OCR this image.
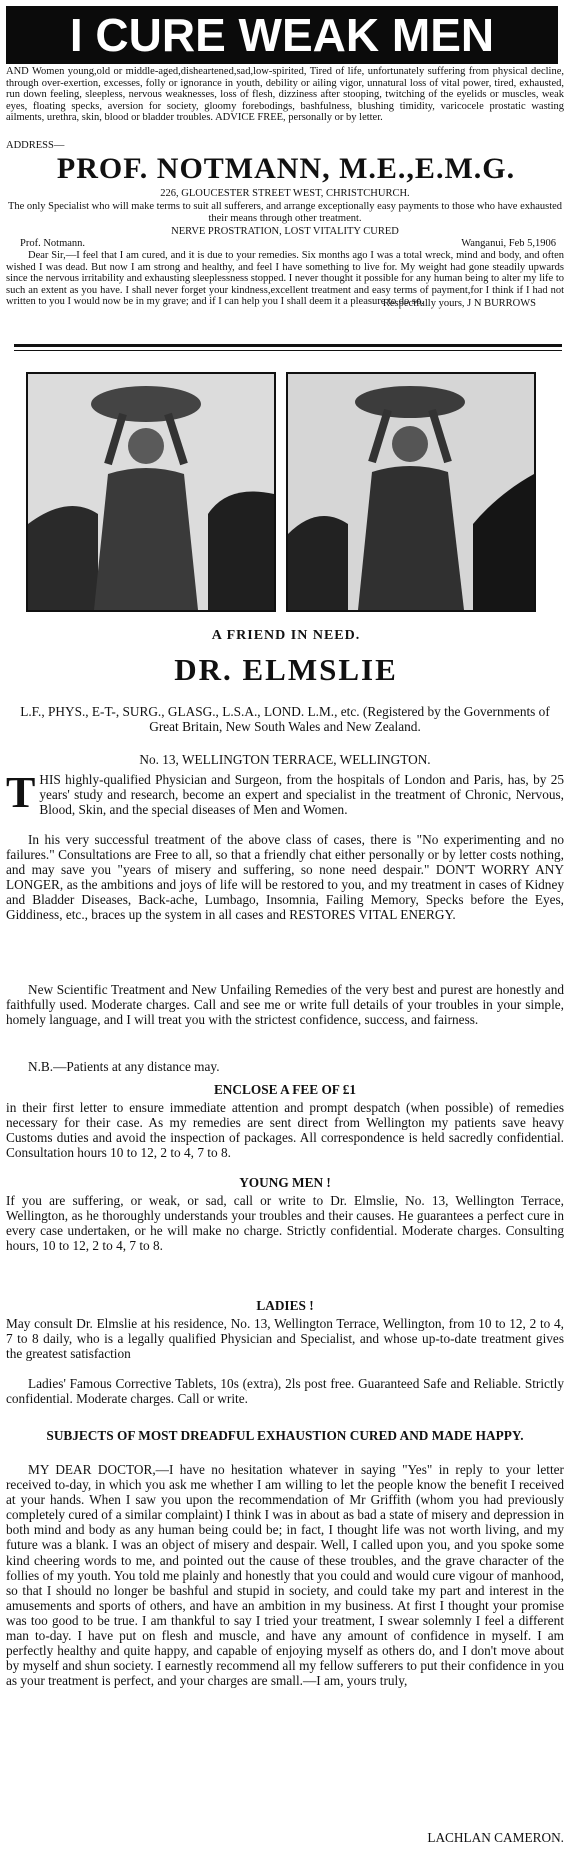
I CURE WEAK MEN

AND Women young,old or middle-aged,disheartened,sad,low-spirited, Tired of life, unfortunately suffering from physical decline, through over-exertion, excesses, folly or ignorance in youth, debility or ailing vigor, unnatural loss of vital power, tired, exhausted, run down feeling, sleepless, nervous weaknesses, loss of flesh, dizziness after stooping, twitching of the eyelids or muscles, weak eyes, floating specks, aversion for society, gloomy forebodings, bashfulness, blushing timidity, varicocele prostatic wasting ailments, urethra, skin, blood or bladder troubles. ADVICE FREE, personally or by letter.

ADDRESS—

PROF. NOTMANN, M.E.,E.M.G.

226, GLOUCESTER STREET WEST, CHRISTCHURCH.

The only Specialist who will make terms to suit all sufferers, and arrange exceptionally easy payments to those who have exhausted their means through other treatment.

NERVE PROSTRATION, LOST VITALITY CURED

Prof. Notmann.	Wanganui, Feb 5,1906

Dear Sir,—I feel that I am cured, and it is due to your remedies. Six months ago I was a total wreck, mind and body, and often wished I was dead. But now I am strong and healthy, and feel I have something to live for. My weight had gone steadily upwards since the nervous irritability and exhausting sleeplessness stopped. I never thought it possible for any human being to alter my life to such an extent as you have. I shall never forget your kindness,excellent treatment and easy terms of payment,for I think if I had not written to you I would now be in my grave; and if I can help you I shall deem it a pleasure to do so.

Respectfully yours, J N BURROWS

A FRIEND IN NEED.
DR. ELMSLIE

L.F., PHYS., E-T-, SURG., GLASG., L.S.A., LOND. L.M., etc. (Registered by the Governments of Great Britain, New South Wales and New Zealand.

No. 13, WELLINGTON TERRACE, WELLINGTON.

T HIS highly-qualified Physician and Surgeon, from the hospitals of London and Paris, has, by 25 years' study and research, become an expert and specialist in the treatment of Chronic, Nervous, Blood, Skin, and the special diseases of Men and Women.

In his very successful treatment of the above class of cases, there is "No experimenting and no failures." Consultations are Free to all, so that a friendly chat either personally or by letter costs nothing, and may save you "years of misery and suffering, so none need despair." DON'T WORRY ANY LONGER, as the ambitions and joys of life will be restored to you, and my treatment in cases of Kidney and Bladder Diseases, Back-ache, Lumbago, Insomnia, Failing Memory, Specks before the Eyes, Giddiness, etc., braces up the system in all cases and RESTORES VITAL ENERGY.

New Scientific Treatment and New Unfailing Remedies of the very best and purest are honestly and faithfully used. Moderate charges. Call and see me or write full details of your troubles in your simple, homely language, and I will treat you with the strictest confidence, success, and fairness.

N.B.—Patients at any distance may.

ENCLOSE A FEE OF £1

in their first letter to ensure immediate attention and prompt despatch (when possible) of remedies necessary for their case. As my remedies are sent direct from Wellington my patients save heavy Customs duties and avoid the inspection of packages. All correspondence is held sacredly confidential. Consultation hours 10 to 12, 2 to 4, 7 to 8.

YOUNG MEN !

If you are suffering, or weak, or sad, call or write to Dr. Elmslie, No. 13, Wellington Terrace, Wellington, as he thoroughly understands your troubles and their causes. He guarantees a perfect cure in every case undertaken, or he will make no charge. Strictly confidential. Moderate charges. Consulting hours, 10 to 12, 2 to 4, 7 to 8.

LADIES !

May consult Dr. Elmslie at his residence, No. 13, Wellington Terrace, Wellington, from 10 to 12, 2 to 4, 7 to 8 daily, who is a legally qualified Physician and Specialist, and whose up-to-date treatment gives the greatest satisfaction

Ladies' Famous Corrective Tablets, 10s (extra), 2ls post free. Guaranteed Safe and Reliable. Strictly confidential. Moderate charges. Call or write.

SUBJECTS OF MOST DREADFUL EXHAUSTION CURED AND MADE HAPPY.

MY DEAR DOCTOR,—I have no hesitation whatever in saying "Yes" in reply to your letter received to-day, in which you ask me whether I am willing to let the people know the benefit I received at your hands. When I saw you upon the recommendation of Mr Griffith (whom you had previously completely cured of a similar complaint) I think I was in about as bad a state of misery and depression in both mind and body as any human being could be; in fact, I thought life was not worth living, and my future was a blank. I was an object of misery and despair. Well, I called upon you, and you spoke some kind cheering words to me, and pointed out the cause of these troubles, and the grave character of the follies of my youth. You told me plainly and honestly that you could and would cure vigour of manhood, so that I should no longer be bashful and stupid in society, and could take my part and interest in the amusements and sports of others, and have an ambition in my business. At first I thought your promise was too good to be true. I am thankful to say I tried your treatment, I swear solemnly I feel a different man to-day. I have put on flesh and muscle, and have any amount of confidence in myself. I am perfectly healthy and quite happy, and capable of enjoying myself as others do, and I don't move about by myself and shun society. I earnestly recommend all my fellow sufferers to put their confidence in you as your treatment is perfect, and your charges are small.—I am, yours truly,

LACHLAN CAMERON.
